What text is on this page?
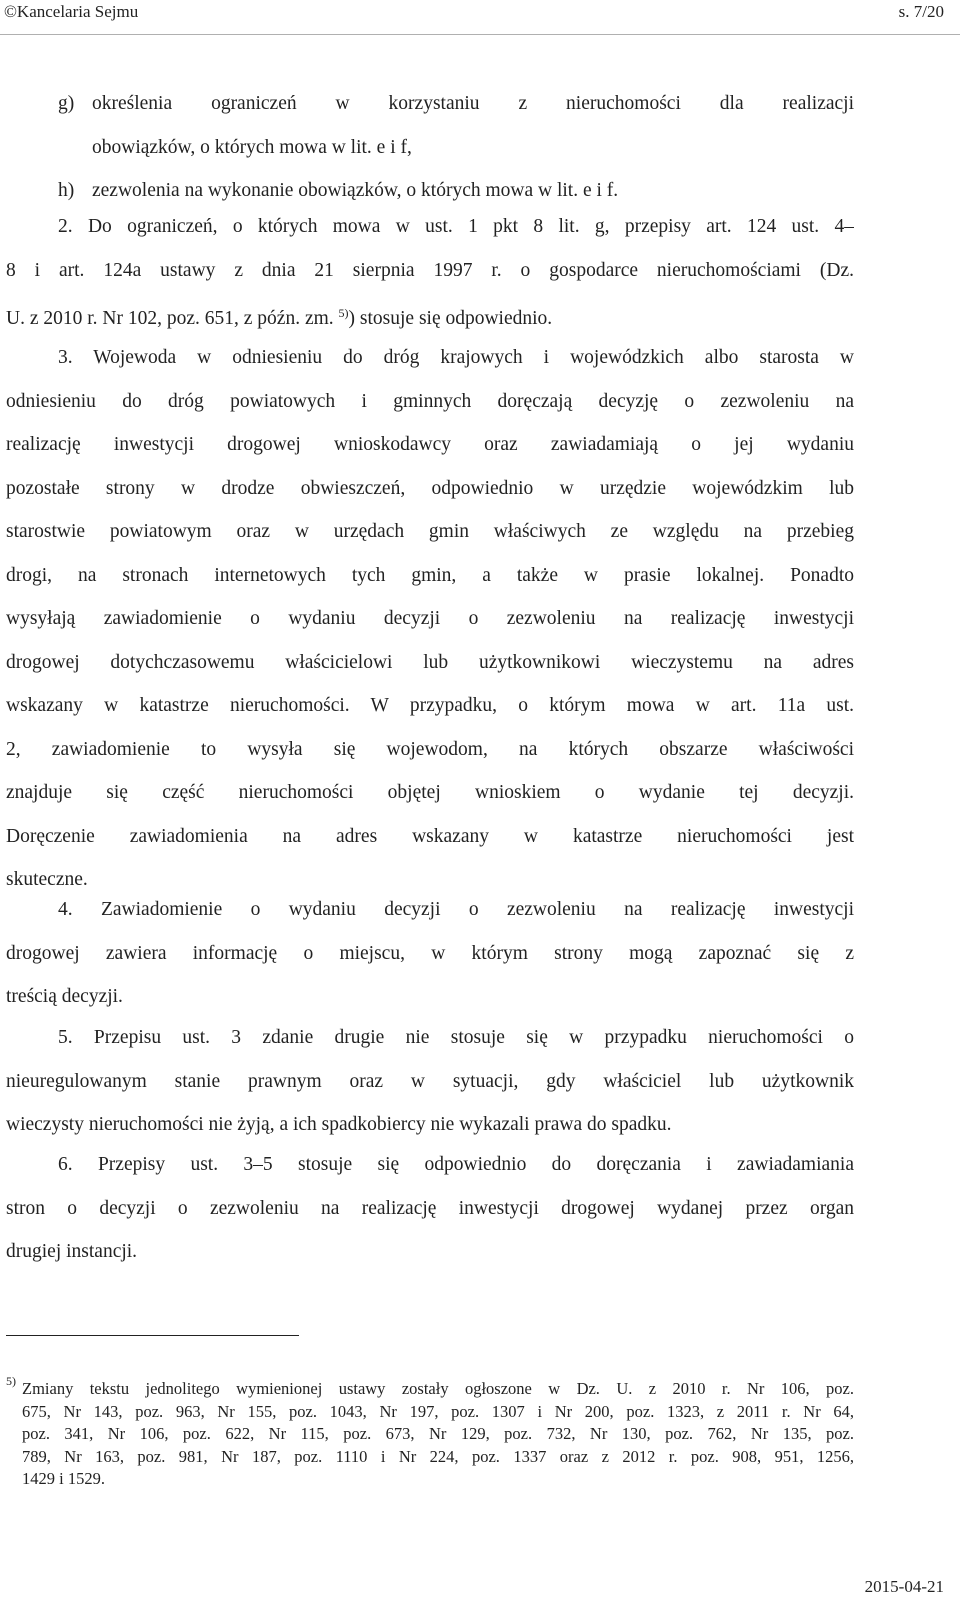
©Kancelaria Sejmu	s. 7/20
g) określenia ograniczeń w korzystaniu z nieruchomości dla realizacji
obowiązków, o których mowa w lit. e i f,
h) zezwolenia na wykonanie obowiązków, o których mowa w lit. e i f.
2. Do ograniczeń, o których mowa w ust. 1 pkt 8 lit. g, przepisy art. 124 ust. 4–
8 i art. 124a ustawy z dnia 21 sierpnia 1997 r. o gospodarce nieruchomościami (Dz.
U. z 2010 r. Nr 102, poz. 651, z późn. zm. $^{5)}$) stosuje się odpowiednio.
3. Wojewoda w odniesieniu do dróg krajowych i wojewódzkich albo starosta w
odniesieniu do dróg powiatowych i gminnych doręczają decyzję o zezwoleniu na
realizację inwestycji drogowej wnioskodawcy oraz zawiadamiają o jej wydaniu
pozostałe strony w drodze obwieszczeń, odpowiednio w urzędzie wojewódzkim lub
starostwie powiatowym oraz w urzędach gmin właściwych ze względu na przebieg
drogi, na stronach internetowych tych gmin, a także w prasie lokalnej. Ponadto
wysyłają zawiadomienie o wydaniu decyzji o zezwoleniu na realizację inwestycji
drogowej dotychczasowemu właścicielowi lub użytkownikowi wieczystemu na adres
wskazany w katastrze nieruchomości. W przypadku, o którym mowa w art. 11a ust.
2, zawiadomienie to wysyła się wojewodom, na których obszarze właściwości
znajduje się część nieruchomości objętej wnioskiem o wydanie tej decyzji.
Doręczenie zawiadomienia na adres wskazany w katastrze nieruchomości jest
skuteczne.
4. Zawiadomienie o wydaniu decyzji o zezwoleniu na realizację inwestycji
drogowej zawiera informację o miejscu, w którym strony mogą zapoznać się z
treścią decyzji.
5. Przepisu ust. 3 zdanie drugie nie stosuje się w przypadku nieruchomości o
nieuregulowanym stanie prawnym oraz w sytuacji, gdy właściciel lub użytkownik
wieczysty nieruchomości nie żyją, a ich spadkobiercy nie wykazali prawa do spadku.
6. Przepisy ust. 3–5 stosuje się odpowiednio do doręczania i zawiadamiania
stron o decyzji o zezwoleniu na realizację inwestycji drogowej wydanej przez organ
drugiej instancji.
5) Zmiany tekstu jednolitego wymienionej ustawy zostały ogłoszone w Dz. U. z 2010 r. Nr 106, poz.
675, Nr 143, poz. 963, Nr 155, poz. 1043, Nr 197, poz. 1307 i Nr 200, poz. 1323, z 2011 r. Nr 64,
poz. 341, Nr 106, poz. 622, Nr 115, poz. 673, Nr 129, poz. 732, Nr 130, poz. 762, Nr 135, poz.
789, Nr 163, poz. 981, Nr 187, poz. 1110 i Nr 224, poz. 1337 oraz z 2012 r. poz. 908, 951, 1256,
1429 i 1529.
2015-04-21
